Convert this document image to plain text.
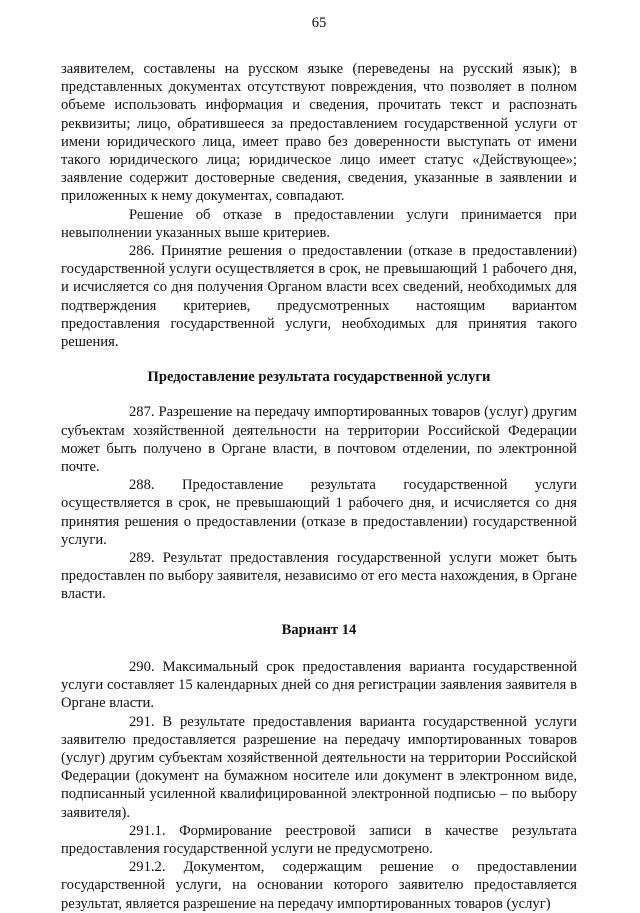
65

заявителем, составлены на русском языке (переведены на русский язык); в представленных документах отсутствуют повреждения, что позволяет в полном объеме использовать информация и сведения, прочитать текст и распознать реквизиты; лицо, обратившееся за предоставлением государственной услуги от имени юридического лица, имеет право без доверенности выступать от имени такого юридического лица; юридическое лицо имеет статус «Действующее»; заявление содержит достоверные сведения, сведения, указанные в заявлении и приложенных к нему документах, совпадают.

Решение об отказе в предоставлении услуги принимается при невыполнении указанных выше критериев.

286. Принятие решения о предоставлении (отказе в предоставлении) государственной услуги осуществляется в срок, не превышающий 1 рабочего дня, и исчисляется со дня получения Органом власти всех сведений, необходимых для подтверждения критериев, предусмотренных настоящим вариантом предоставления государственной услуги, необходимых для принятия такого решения.

Предоставление результата государственной услуги

287. Разрешение на передачу импортированных товаров (услуг) другим субъектам хозяйственной деятельности на территории Российской Федерации может быть получено в Органе власти, в почтовом отделении, по электронной почте.

288. Предоставление результата государственной услуги осуществляется в срок, не превышающий 1 рабочего дня, и исчисляется со дня принятия решения о предоставлении (отказе в предоставлении) государственной услуги.

289. Результат предоставления государственной услуги может быть предоставлен по выбору заявителя, независимо от его места нахождения, в Органе власти.

Вариант 14

290. Максимальный срок предоставления варианта государственной услуги составляет 15 календарных дней со дня регистрации заявления заявителя в Органе власти.

291. В результате предоставления варианта государственной услуги заявителю предоставляется разрешение на передачу импортированных товаров (услуг) другим субъектам хозяйственной деятельности на территории Российской Федерации (документ на бумажном носителе или документ в электронном виде, подписанный усиленной квалифицированной электронной подписью – по выбору заявителя).

291.1. Формирование реестровой записи в качестве результата предоставления государственной услуги не предусмотрено.

291.2. Документом, содержащим решение о предоставлении государственной услуги, на основании которого заявителю предоставляется результат, является разрешение на передачу импортированных товаров (услуг)
